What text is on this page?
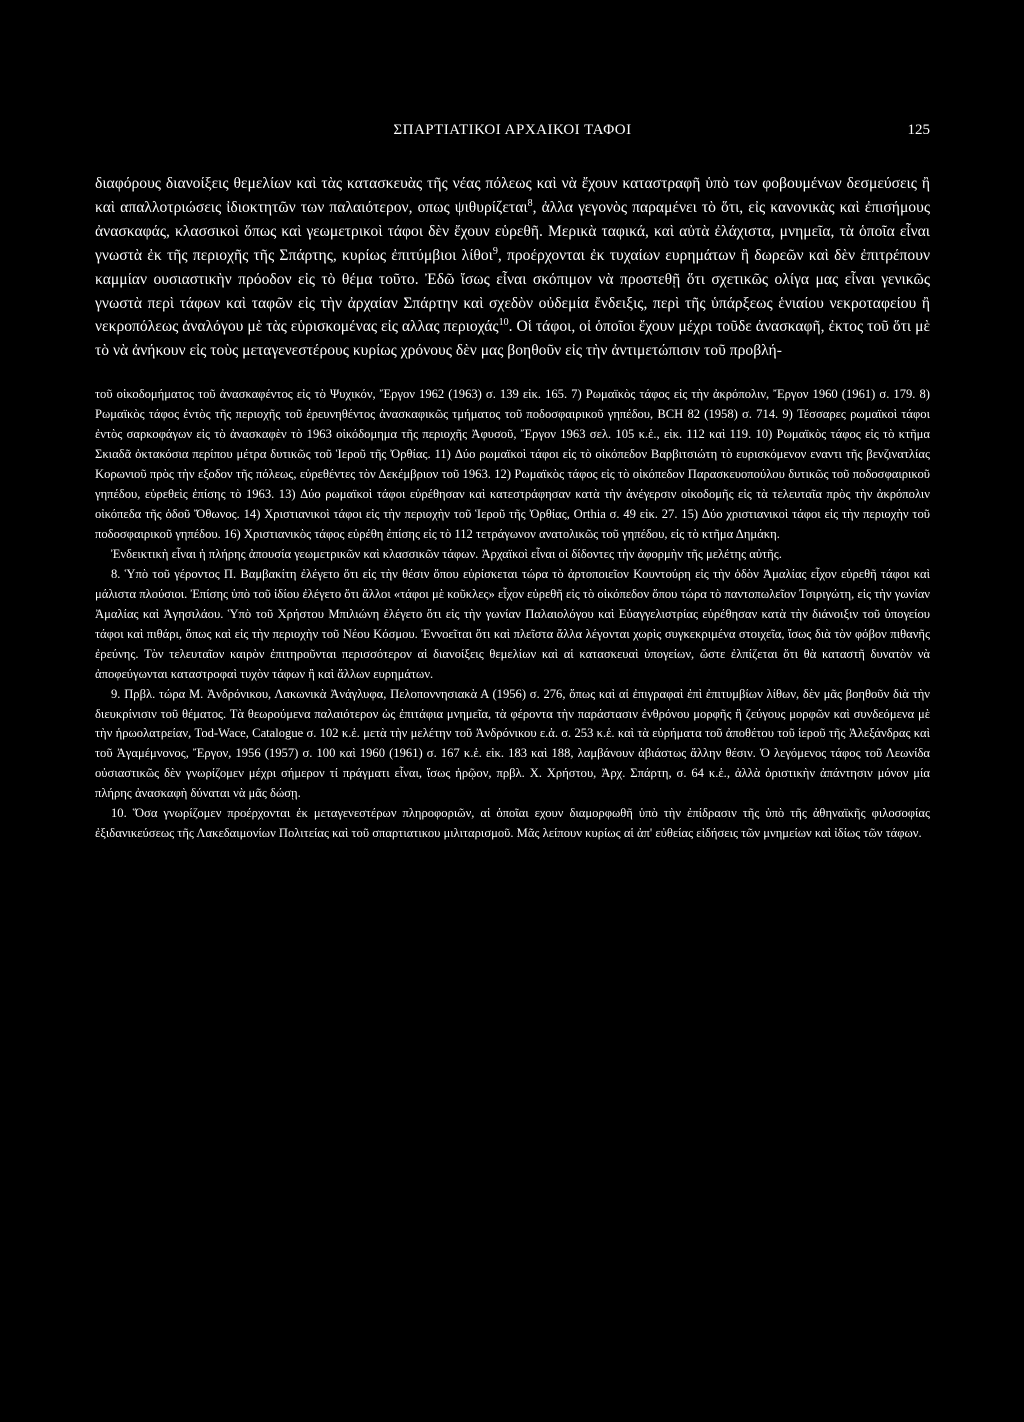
ΣΠΑΡΤΙΑΤΙΚΟΙ ΑΡΧΑΙΚΟΙ ΤΑΦΟΙ	125

διαφόρους διανοίξεις θεμελίων καὶ τὰς κατασκευὰς τῆς νέας πόλεως καὶ νὰ ἔχουν καταστραφῆ ὑπὸ των φοβουμένων δεσμεύσεις ἢ καὶ απαλλοτριώσεις ἰδιοκτητῶν των παλαιότερον, οπως ψιθυρίζεται$^8$, ἀλλα γεγονὸς παραμένει τὸ ὅτι, εἰς κανονικὰς καὶ ἐπισήμους ἀνασκαφάς, κλασσικοὶ ὅπως καὶ γεωμετρικοὶ τάφοι δὲν ἔχουν εὑρεθῆ. Μερικὰ ταφικά, καὶ αὐτὰ ἐλάχιστα, μνημεῖα, τὰ ὁποῖα εἶναι γνωστὰ ἐκ τῆς περιοχῆς τῆς Σπάρτης, κυρίως ἐπιτύμβιοι λίθοι$^9$, προέρχονται ἐκ τυχαίων ευρημάτων ἢ δωρεῶν καὶ δὲν ἐπιτρέπουν καμμίαν ουσιαστικὴν πρόοδον εἰς τὸ θέμα τοῦτο. Ἐδῶ ἴσως εἶναι σκόπιμον νὰ προστεθῇ ὅτι σχετικῶς ολίγα μας εἶναι γενικῶς γνωστὰ περὶ τάφων καὶ ταφῶν εἰς τὴν ἀρχαίαν Σπάρτην καὶ σχεδὸν οὐδεμία ἔνδειξις, περὶ τῆς ὑπάρξεως ἑνιαίου νεκροταφείου ἢ νεκροπόλεως ἀναλόγου μὲ τὰς εὑρισκομένας εἰς αλλας περιοχάς$^{10}$. Οἱ τάφοι, οἱ ὁποῖοι ἔχουν μέχρι τοῦδε ἀνασκαφῆ, ἐκτος τοῦ ὅτι μὲ τὸ νὰ ἀνήκουν εἰς τοὺς μεταγενεστέρους κυρίως χρόνους δὲν μας βοηθοῦν εἰς τὴν ἀντιμετώπισιν τοῦ προβλή-

τοῦ οἰκοδομήματος τοῦ ἀνασκαφέντος εἰς τὸ Ψυχικόν, Ἔργον 1962 (1963) σ. 139 εἰκ. 165. 7) Ρωμαϊκὸς τάφος εἰς τὴν ἀκρόπολιν, Ἔργον 1960 (1961) σ. 179. 8) Ρωμαϊκὸς τάφος ἐντὸς τῆς περιοχῆς τοῦ ἐρευνηθέντος ἀνασκαφικῶς τμήματος τοῦ ποδοσφαιρικοῦ γηπέδου, BCH 82 (1958) σ. 714. 9) Τέσσαρες ρωμαϊκοὶ τάφοι ἐντὸς σαρκοφάγων εἰς τὸ ἀνασκαφὲν τὸ 1963 οἰκόδομημα τῆς περιοχῆς Ἀφυσοῦ, Ἔργον 1963 σελ. 105 κ.ἑ., εἰκ. 112 καὶ 119. 10) Ρωμαϊκὸς τάφος εἰς τὸ κτῆμα Σκιαδᾶ ὀκτακόσια περίπου μέτρα δυτικῶς τοῦ Ἱεροῦ τῆς Ὀρθίας. 11) Δύο ρωμαϊκοὶ τάφοι εἰς τὸ οἰκόπεδον Βαρβιτσιώτη τὸ ευρισκόμενον εναντι τῆς βενζινατλίας Κορωνιοῦ πρὸς τὴν εξοδον τῆς πόλεως, εὑρεθέντες τὸν Δεκέμβριον τοῦ 1963. 12) Ρωμαϊκὸς τάφος εἰς τὸ οἰκόπεδον Παρασκευοπούλου δυτικῶς τοῦ ποδοσφαιρικοῦ γηπέδου, εὑρεθεὶς ἐπίσης τὸ 1963. 13) Δύο ρωμαϊκοὶ τάφοι εὑρέθησαν καὶ κατεστράφησαν κατὰ τὴν ἀνέγερσιν οἰκοδομῆς εἰς τὰ τελευταῖα πρὸς τὴν ἀκρόπολιν οἰκόπεδα τῆς ὁδοῦ Ὄθωνος. 14) Χριστιανικοὶ τάφοι εἰς τὴν περιοχὴν τοῦ Ἱεροῦ τῆς Ὀρθίας, Orthia σ. 49 εἰκ. 27. 15) Δύο χριστιανικοὶ τάφοι εἰς τὴν περιοχὴν τοῦ ποδοσφαιρικοῦ γηπέδου. 16) Χριστιανικὸς τάφος εὑρέθη ἐπίσης εἰς τὸ 112 τετράγωνον ανατολικῶς τοῦ γηπέδου, εἰς τὸ κτῆμα Δημάκη.

Ἐνδεικτικὴ εἶναι ἡ πλήρης ἀπουσία γεωμετρικῶν καὶ κλασσικῶν τάφων. Ἀρχαϊκοὶ εἶναι οἱ δίδοντες τὴν ἀφορμὴν τῆς μελέτης αὐτῆς.

8. Ὑπὸ τοῦ γέροντος Π. Βαμβακίτη ἐλέγετο ὅτι εἰς τὴν θέσιν ὅπου εὑρίσκεται τώρα τὸ ἀρτοποιεῖον Κουντούρη εἰς τὴν ὁδὸν Ἀμαλίας εἶχον εὑρεθῆ τάφοι καὶ μάλιστα πλούσιοι. Ἐπίσης ὑπὸ τοῦ ἰδίου ἐλέγετο ὅτι ἄλλοι «τάφοι μὲ κοῦκλες» εἶχον εὑρεθῆ εἰς τὸ οἰκόπεδον ὅπου τώρα τὸ παντοπωλεῖον Τσιριγώτη, εἰς τὴν γωνίαν Ἀμαλίας καὶ Ἀγησιλάου. Ὑπὸ τοῦ Χρήστου Μπιλιώνη ἐλέγετο ὅτι εἰς τὴν γωνίαν Παλαιολόγου καὶ Εὐαγγελιστρίας εὑρέθησαν κατὰ τὴν διάνοιξιν τοῦ ὑπογείου τάφοι καὶ πιθάρι, ὅπως καὶ εἰς τὴν περιοχὴν τοῦ Νέου Κόσμου. Ἐννοεῖται ὅτι καὶ πλεῖστα ἄλλα λέγονται χωρὶς συγκεκριμένα στοιχεῖα, ἴσως διὰ τὸν φόβον πιθανῆς ἐρεύνης. Τὸν τελευταῖον καιρὸν ἐπιτηροῦνται περισσότερον αἱ διανοίξεις θεμελίων καὶ αἱ κατασκευαὶ ὑπογείων, ὥστε ἐλπίζεται ὅτι θὰ καταστῆ δυνατὸν νὰ ἀποφεύγωνται καταστροφαὶ τυχὸν τάφων ἢ καὶ ἄλλων ευρημάτων.

9. Πρβλ. τώρα Μ. Ἀνδρόνικου, Λακωνικὰ Ἀνάγλυφα, Πελοποννησιακὰ Α (1956) σ. 276, ὅπως καὶ αἱ ἐπιγραφαὶ ἐπὶ ἐπιτυμβίων λίθων, δὲν μᾶς βοηθοῦν διὰ τὴν διευκρίνισιν τοῦ θέματος. Τὰ θεωρούμενα παλαιότερον ὡς ἐπιτάφια μνημεῖα, τὰ φέροντα τὴν παράστασιν ἐνθρόνου μορφῆς ἢ ζεύγους μορφῶν καὶ συνδεόμενα μὲ τὴν ἡρωολατρείαν, Tod-Wace, Catalogue σ. 102 κ.ἑ. μετὰ τὴν μελέτην τοῦ Ἀνδρόνικου ε.ἀ. σ. 253 κ.ἑ. καὶ τὰ εὑρήματα τοῦ ἀποθέτου τοῦ ἱεροῦ τῆς Ἀλεξάνδρας καὶ τοῦ Ἀγαμέμνονος, Ἔργον, 1956 (1957) σ. 100 καὶ 1960 (1961) σ. 167 κ.ἑ. εἰκ. 183 καὶ 188, λαμβάνουν ἀβιάστως ἄλλην θέσιν. Ὁ λεγόμενος τάφος τοῦ Λεωνίδα οὐσιαστικῶς δὲν γνωρίζομεν μέχρι σήμερον τί πράγματι εἶναι, ἴσως ἡρῷον, πρβλ. Χ. Χρήστου, Ἀρχ. Σπάρτη, σ. 64 κ.ἑ., ἀλλὰ ὁριστικὴν ἀπάντησιν μόνον μία πλήρης ἀνασκαφὴ δύναται νὰ μᾶς δώσῃ.

10. Ὅσα γνωρίζομεν προέρχονται ἐκ μεταγενεστέρων πληροφοριῶν, αἱ ὁποῖαι εχουν διαμορφωθῆ ὑπὸ τὴν ἐπίδρασιν τῆς ὑπὸ τῆς ἀθηναϊκῆς φιλοσοφίας ἐξιδανικεύσεως τῆς Λακεδαιμονίων Πολιτείας καὶ τοῦ σπαρτιατικου μιλιταρισμοῦ. Μᾶς λείπουν κυρίως αἱ ἀπ' εὐθείας εἰδήσεις τῶν μνημείων καὶ ἰδίως τῶν τάφων.
